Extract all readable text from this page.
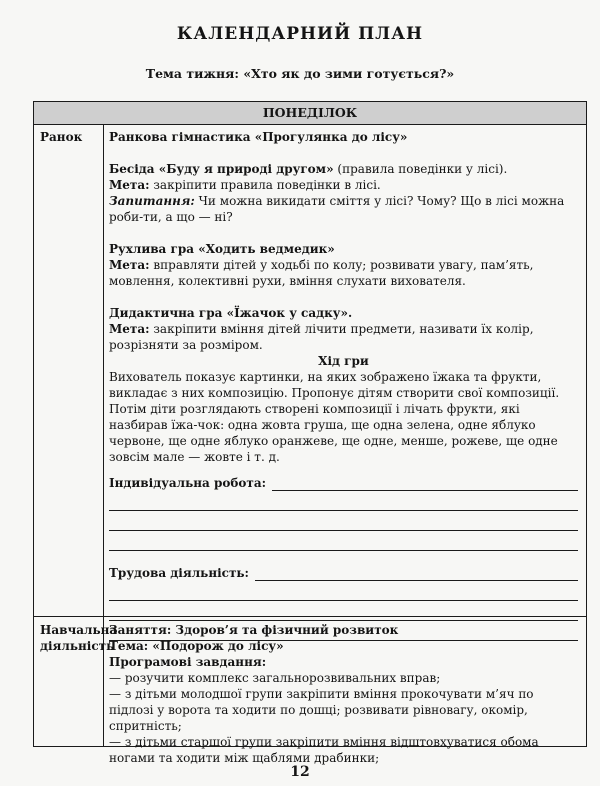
КАЛЕНДАРНИЙ ПЛАН
Тема тижня: «Хто як до зими готується?»
ПОНЕДІЛОК
Ранок	Ранкова гімнастика «Прогулянка до лісу»

Бесіда «Буду я природі другом» (правила поведінки у лісі).

Мета: закріпити правила поведінки в лісі.

Запитання: Чи можна викидати сміття у лісі? Чому? Що в лісі можна роби-ти, а що — ні?

Рухлива гра «Ходить ведмедик»

Мета: вправляти дітей у ходьбі по колу; розвивати увагу, пам’ять, мовлення, колективні рухи, вміння слухати вихователя.

Дидактична гра «Їжачок у садку».

Мета: закріпити вміння дітей лічити предмети, називати їх колір, розрізняти за розміром.

Хід гри

Вихователь показує картинки, на яких зображено їжака та фрукти, викладає з них композицію. Пропонує дітям створити свої композиції.

Потім діти розглядають створені композиції і лічать фрукти, які назбирав їжа-чок: одна жовта груша, ще одна зелена, одне яблуко червоне, ще одне яблуко оранжеве, ще одне, менше, рожеве, ще одне зовсім мале — жовте і т. д.

Індивідуальна робота:
Трудова діяльність:
Навчальна діяльність

Заняття: Здоров’я та фізичний розвиток

Тема: «Подорож до лісу»

Програмові завдання:

— розучити комплекс загальнорозвивальних вправ;

— з дітьми молодшої групи закріпити вміння прокочувати м’яч по підлозі у ворота та ходити по дошці; розвивати рівновагу, окомір, спритність;

— з дітьми старшої групи закріпити вміння відштовхуватися обома ногами та ходити між щаблями драбинки;

12
